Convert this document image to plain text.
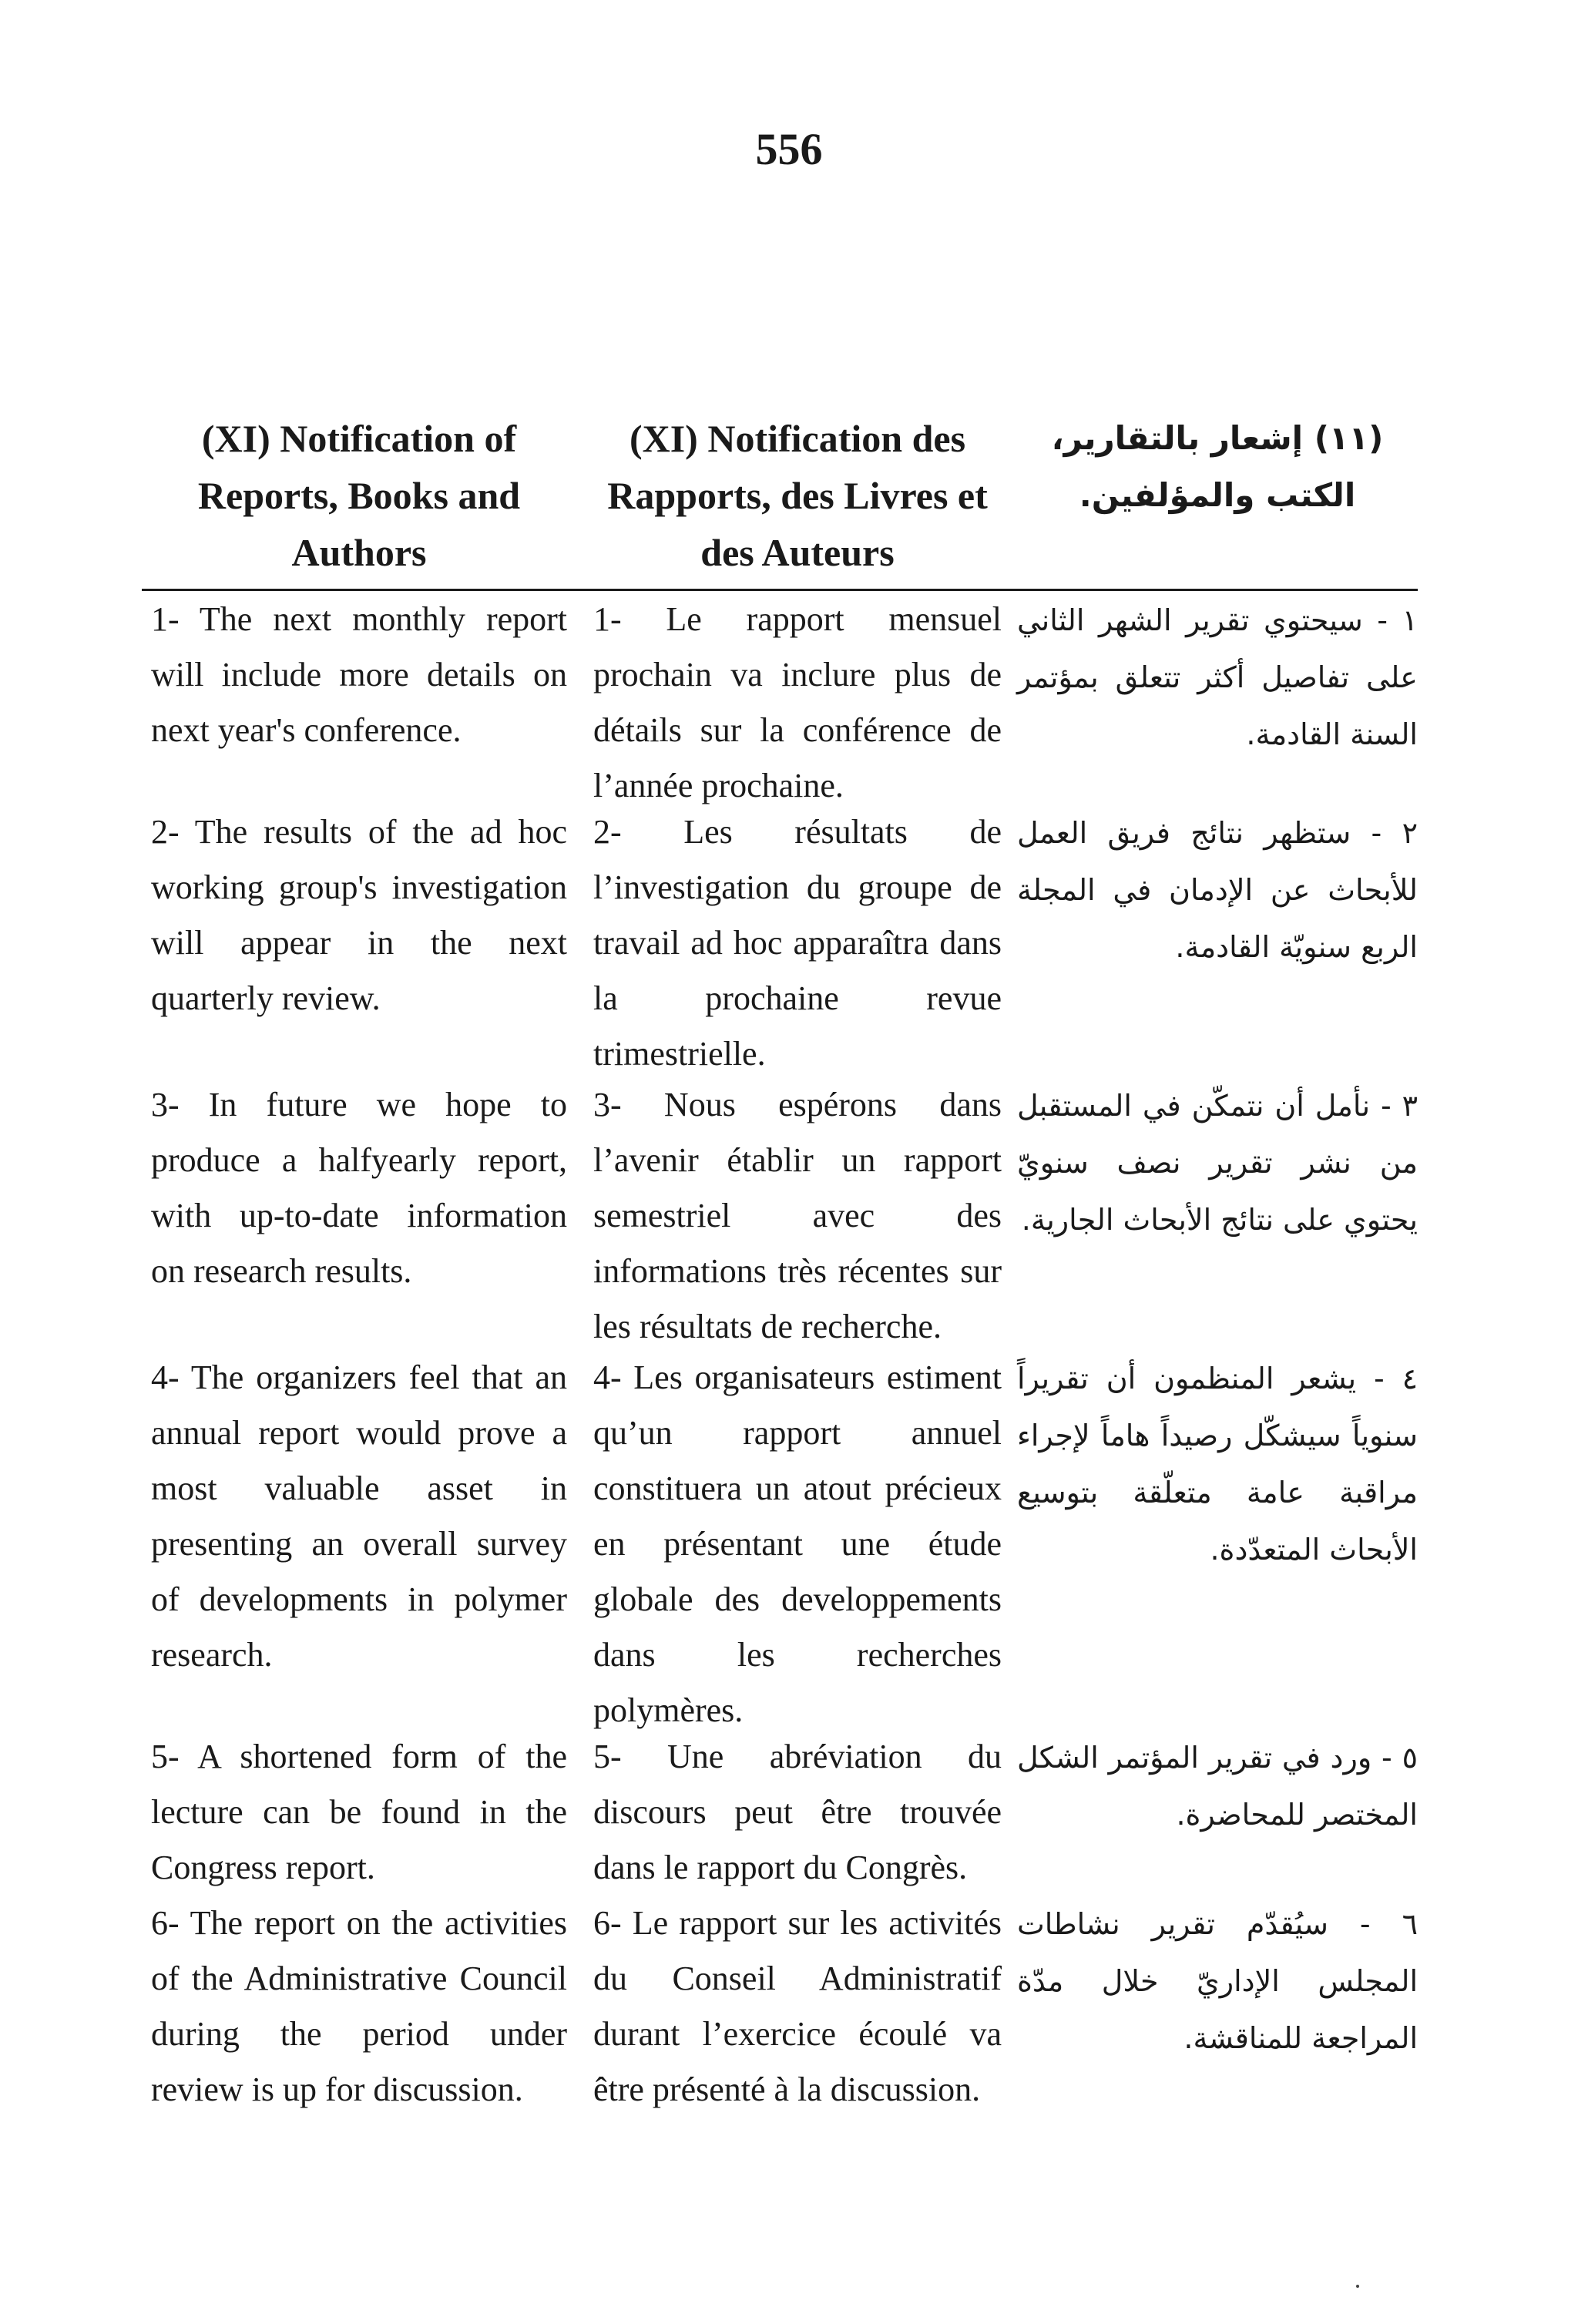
556
(XI) Notification of Reports, Books and Authors
(XI) Notification des Rapports, des Livres et des Auteurs
(١١) إشعار بالتقارير، الكتب والمؤلفين.
1- The next monthly report will include more details on next year's conference.
1- Le rapport mensuel prochain va inclure plus de détails sur la conférence de l’année prochaine.
١ - سيحتوي تقرير الشهر الثاني على تفاصيل أكثر تتعلق بمؤتمر السنة القادمة.
2- The results of the ad hoc working group's investigation will appear in the next quarterly review.
2- Les résultats de l’investigation du groupe de travail ad hoc apparaîtra dans la prochaine revue trimestrielle.
٢ - ستظهر نتائج فريق العمل للأبحاث عن الإدمان في المجلة الربع سنويّة القادمة.
3- In future we hope to produce a halfyearly report, with up-to-date information on research results.
3- Nous espérons dans l’avenir établir un rapport semestriel avec des informations très récentes sur les résultats de recherche.
٣ - نأمل أن نتمكّن في المستقبل من نشر تقرير نصف سنويّ يحتوي على نتائج الأبحاث الجارية.
4- The organizers feel that an annual report would prove a most valuable asset in presenting an overall survey of developments in polymer research.
4- Les organisateurs estiment qu’un rapport annuel constituera un atout précieux en présentant une étude globale des developpements dans les recherches polymères.
٤ - يشعر المنظمون أن تقريراً سنوياً سيشكّل رصيداً هاماً لإجراء مراقبة عامة متعلّقة بتوسيع الأبحاث المتعدّدة.
5- A shortened form of the lecture can be found in the Congress report.
5- Une abréviation du discours peut être trouvée dans le rapport du Congrès.
٥ - ورد في تقرير المؤتمر الشكل المختصر للمحاضرة.
6- The report on the activities of the Administrative Council during the period under review is up for discussion.
6- Le rapport sur les activités du Conseil Administratif durant l’exercice écoulé va être présenté à la discussion.
٦ - سيُقدّم تقرير نشاطات المجلس الإداريّ خلال مدّة المراجعة للمناقشة.
